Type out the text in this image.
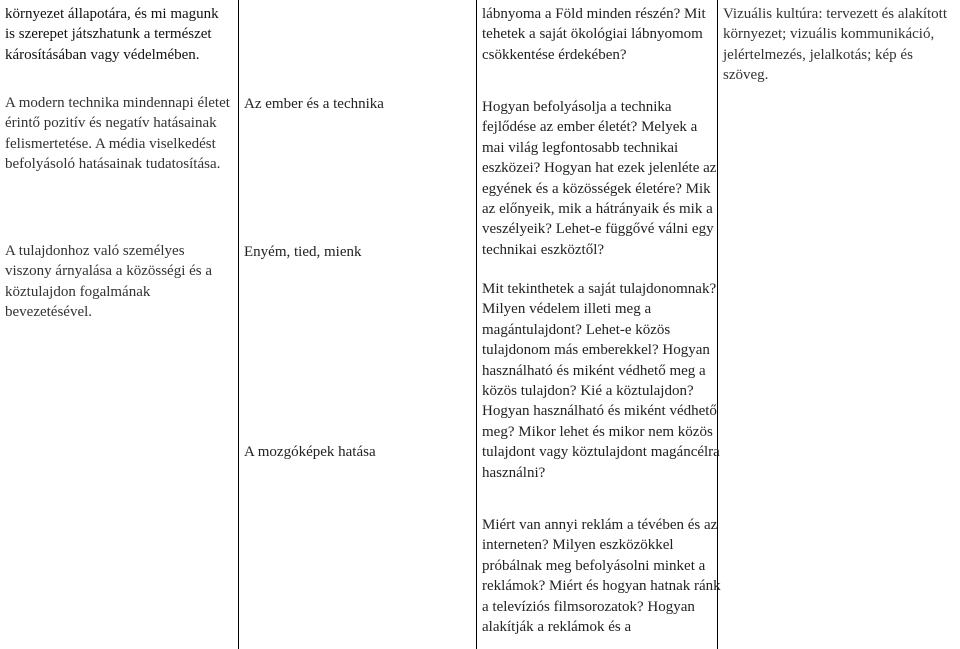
környezet állapotára, és mi magunk is szerepet játszhatunk a természet károsításában vagy védelmében.

A modern technika mindennapi életet érintő pozitív és negatív hatásainak felismertetése. A média viselkedést befolyásoló hatásainak tudatosítása.

A tulajdonhoz való személyes viszony árnyalása a közösségi és a köztulajdon fogalmának bevezetésével.

Az ember és a technika

Enyém, tied, mienk

A mozgóképek hatása

lábnyoma a Föld minden részén? Mit tehetek a saját ökológiai lábnyomom csökkentése érdekében?

Hogyan befolyásolja a technika fejlődése az ember életét? Melyek a mai világ legfontosabb technikai eszközei? Hogyan hat ezek jelenléte az egyének és a közösségek életére? Mik az előnyeik, mik a hátrányaik és mik a veszélyeik? Lehet-e függővé válni egy technikai eszköztől?

Mit tekinthetek a saját tulajdonomnak? Milyen védelem illeti meg a magántulajdont? Lehet-e közös tulajdonom más emberekkel? Hogyan használható és miként védhető meg a közös tulajdon? Kié a köztulajdon? Hogyan használható és miként védhető meg? Mikor lehet és mikor nem közös tulajdont vagy köztulajdont magáncélra használni?

Miért van annyi reklám a tévében és az interneten? Milyen eszközökkel próbálnak meg befolyásolni minket a reklámok? Miért és hogyan hatnak ránk a televíziós filmsorozatok? Hogyan alakítják a reklámok és a

Vizuális kultúra: tervezett és alakított környezet; vizuális kommunikáció, jelértelmezés, jelalkotás; kép és szöveg.
